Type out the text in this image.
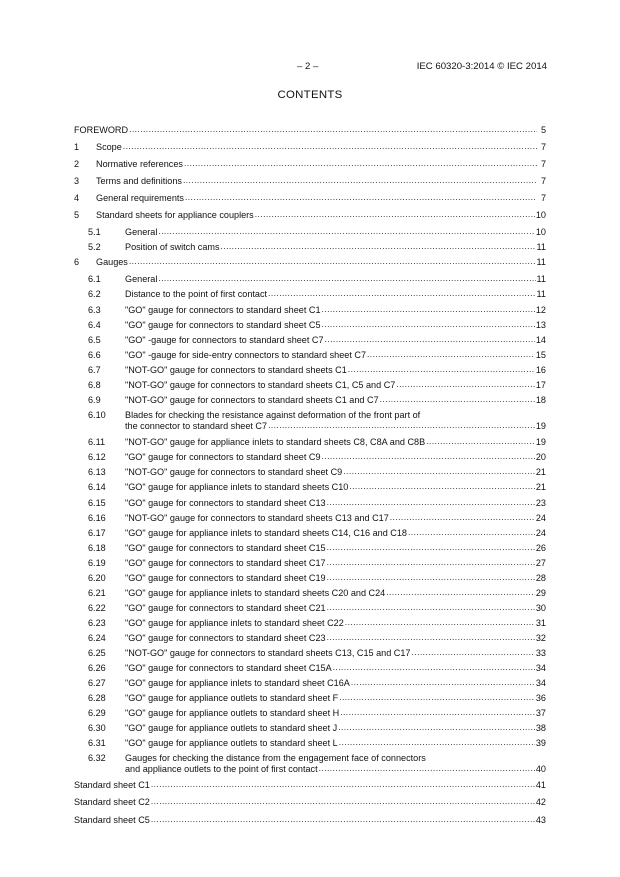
– 2 –	IEC 60320-3:2014 © IEC 2014
CONTENTS
FOREWORD .....	5
1 Scope .....	7
2 Normative references .....	7
3 Terms and definitions .....	7
4 General requirements .....	7
5 Standard sheets for appliance couplers .....	10
5.1	General .....	10
5.2	Position of switch cams .....	11
6 Gauges .....	11
6.1	General .....	11
6.2	Distance to the point of first contact .....	11
6.3	"GO" gauge for connectors to standard sheet C1 .....	12
6.4	"GO" gauge for connectors to standard sheet C5 .....	13
6.5	"GO" -gauge for connectors to standard sheet C7 .....	14
6.6	"GO" -gauge for side-entry connectors to standard sheet C7 .....	15
6.7	"NOT-GO" gauge for connectors to standard sheets C1 .....	16
6.8	"NOT-GO" gauge for connectors to standard sheets C1, C5 and C7 .....	17
6.9	"NOT-GO" gauge for connectors to standard sheets C1 and C7 .....	18
6.10	Blades for checking the resistance against deformation of the front part of
the connector to standard sheet C7 .....	19
6.11 "NOT-GO" gauge for appliance inlets to standard sheets C8, C8A and C8B .....	19
6.12 "GO" gauge for connectors to standard sheet C9 .....	20
6.13 "NOT-GO" gauge for connectors to standard sheet C9 .....	21
6.14 "GO" gauge for appliance inlets to standard sheets C10 .....	21
6.15 "GO" gauge for connectors to standard sheet C13 .....	23
6.16 "NOT-GO" gauge for connectors to standard sheets C13 and C17 .....	24
6.17 "GO" gauge for appliance inlets to standard sheets C14, C16 and C18 .....	24
6.18 "GO" gauge for connectors to standard sheet C15 .....	26
6.19 "GO" gauge for connectors to standard sheet C17 .....	27
6.20 "GO" gauge for connectors to standard sheet C19 .....	28
6.21 "GO" gauge for appliance inlets to standard sheets C20 and C24 .....	29
6.22 "GO" gauge for connectors to standard sheet C21 .....	30
6.23 "GO" gauge for appliance inlets to standard sheet C22 .....	31
6.24 "GO" gauge for connectors to standard sheet C23 .....	32
6.25 "NOT-GO" gauge for connectors to standard sheets C13, C15 and C17 .....	33
6.26 "GO" gauge for connectors to standard sheet C15A .....	34
6.27 "GO" gauge for appliance inlets to standard sheet C16A .....	34
6.28 "GO" gauge for appliance outlets to standard sheet F .....	36
6.29 "GO" gauge for appliance outlets to standard sheet H .....	37
6.30 "GO" gauge for appliance outlets to standard sheet J .....	38
6.31 "GO" gauge for appliance outlets to standard sheet L .....	39
6.32	Gauges for checking the distance from the engagement face of connectors
and appliance outlets to the point of first contact .....	40
Standard sheet C1 .....	41
Standard sheet C2 .....	42
Standard sheet C5 .....	43
